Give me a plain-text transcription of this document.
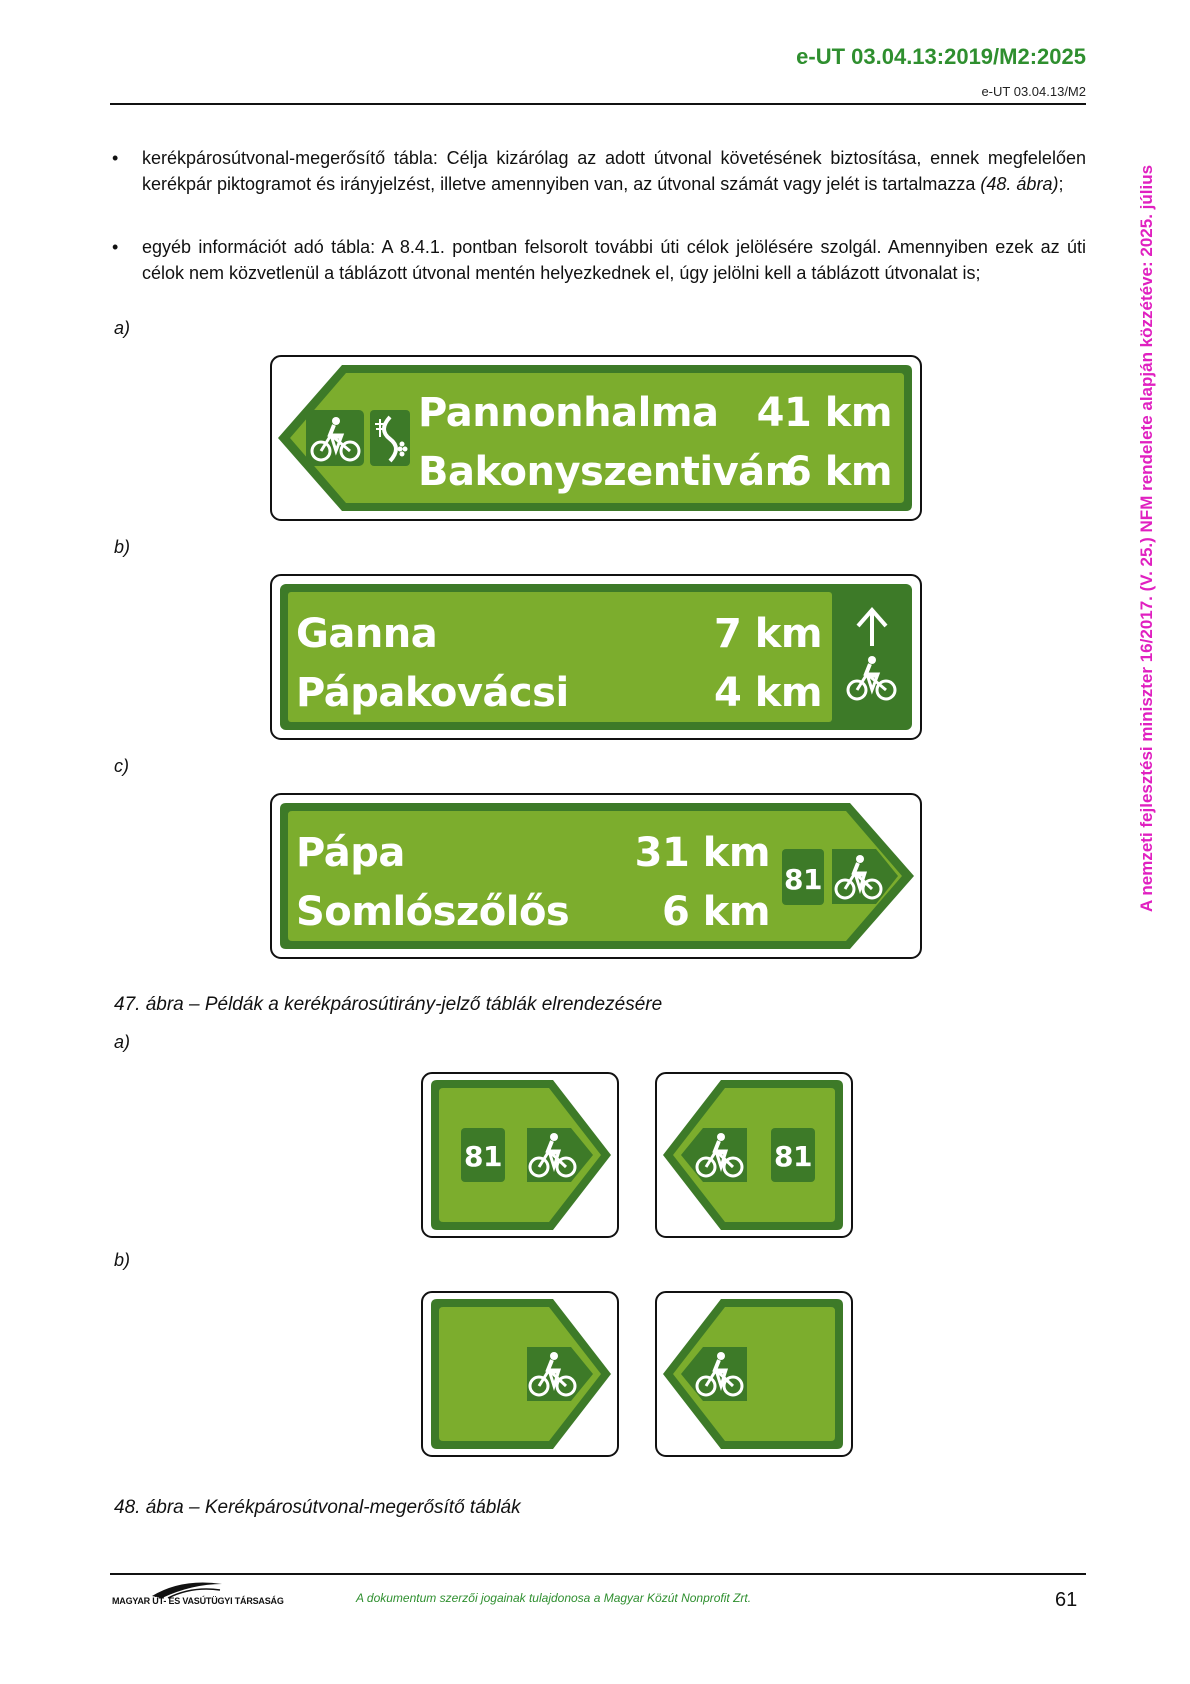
e-UT 03.04.13:2019/M2:2025
e-UT 03.04.13/M2
• kerékpárosútvonal-megerősítő tábla: Célja kizárólag az adott útvonal követésének biztosítása, ennek megfelelően kerékpár piktogramot és irányjelzést, illetve amennyiben van, az útvonal számát vagy jelét is tartalmazza (48. ábra);
• egyéb információt adó tábla: A 8.4.1. pontban felsorolt további úti célok jelölésére szolgál. Amennyiben ezek az úti célok nem közvetlenül a táblázott útvonal mentén helyezkednek el, úgy jelölni kell a táblázott útvonalat is;
a)
b)
c)
Pannonhalma
Bakonyszentiván
41 km
6 km
Ganna
Pápakovácsi
7 km
4 km
Pápa
Somlószőlős
31 km
6 km
81
47. ábra – Példák a kerékpárosútirány-jelző táblák elrendezésére
a)
b)
81	81
48. ábra – Kerékpárosútvonal-megerősítő táblák
A nemzeti fejlesztési miniszter 16/2017. (V. 25.) NFM rendelete alapján közzétéve: 2025. július
MAGYAR ÚT- ÉS VASÚTÜGYI TÁRSASÁG	A dokumentum szerzői jogainak tulajdonosa a Magyar Közút Nonprofit Zrt.	61
